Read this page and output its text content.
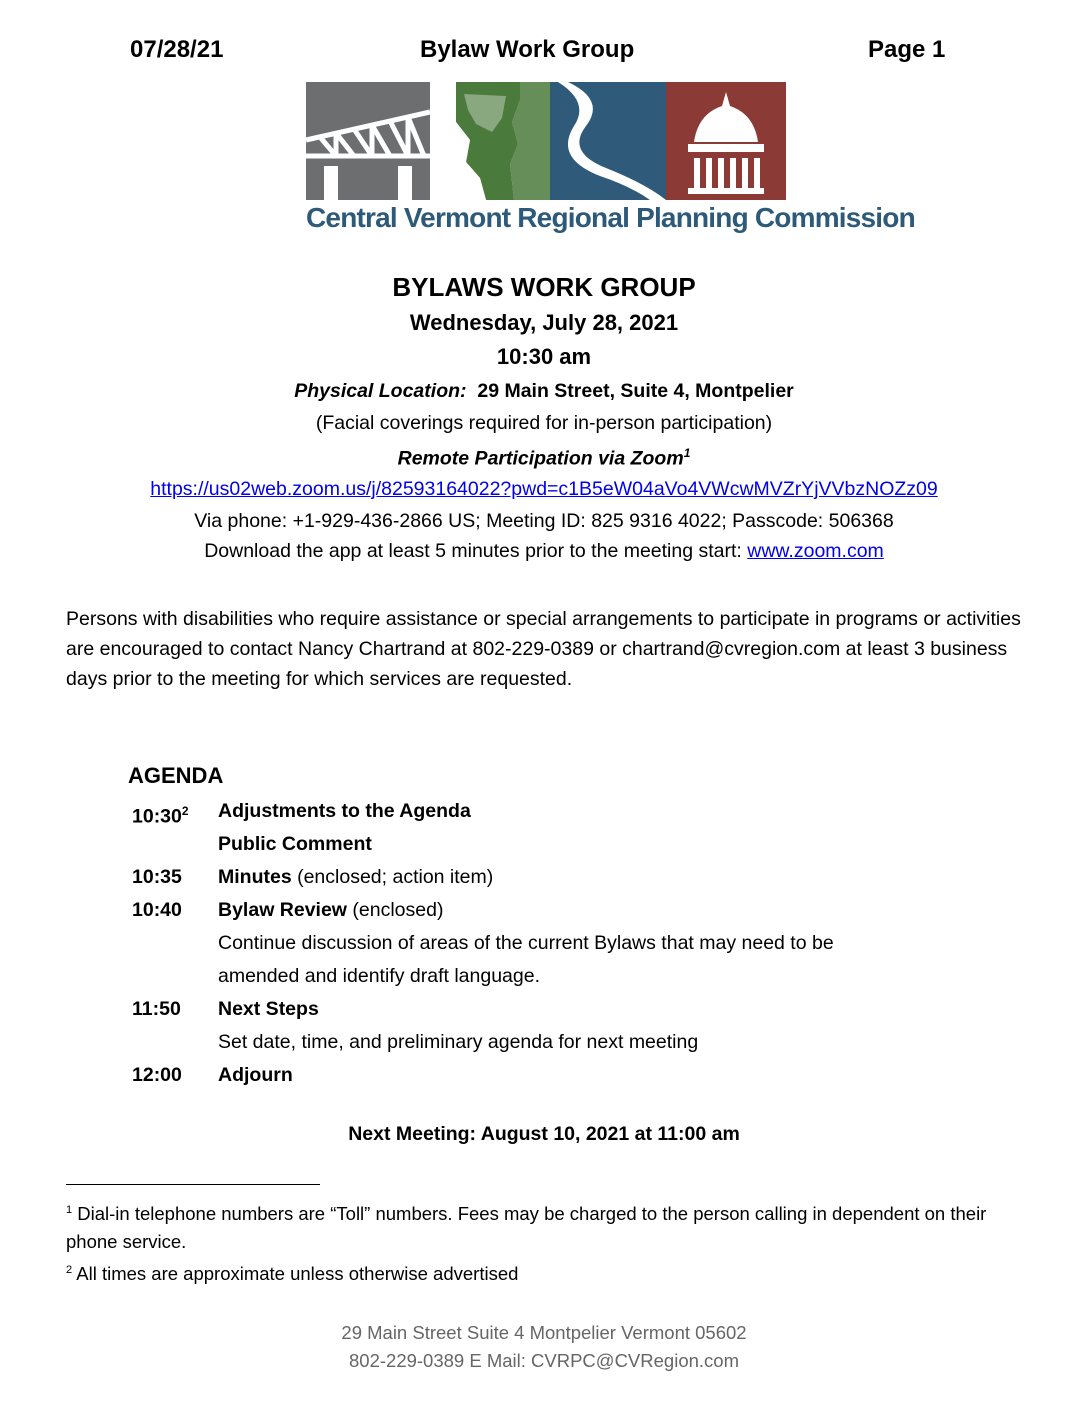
07/28/21	Bylaw Work Group	Page 1
Central Vermont Regional Planning Commission
BYLAWS WORK GROUP
Wednesday, July 28, 2021
10:30 am
Physical Location: 29 Main Street, Suite 4, Montpelier
(Facial coverings required for in-person participation)
Remote Participation via Zoom$^1$
https://us02web.zoom.us/j/82593164022?pwd=c1B5eW04aVo4VWcwMVZrYjVVbzNOZz09
Via phone: +1-929-436-2866 US; Meeting ID: 825 9316 4022; Passcode: 506368
Download the app at least 5 minutes prior to the meeting start: www.zoom.com
Persons with disabilities who require assistance or special arrangements to participate in programs or activities are encouraged to contact Nancy Chartrand at 802-229-0389 or chartrand@cvregion.com at least 3 business days prior to the meeting for which services are requested.
AGENDA
$10:30^2$	Adjustments to the Agenda
Public Comment
10:35	Minutes (enclosed; action item)
10:40	Bylaw Review (enclosed)
Continue discussion of areas of the current Bylaws that may need to be
amended and identify draft language.
11:50	Next Steps
Set date, time, and preliminary agenda for next meeting
12:00	Adjourn
Next Meeting: August 10, 2021 at 11:00 am
$^1$ Dial-in telephone numbers are “Toll” numbers. Fees may be charged to the person calling in dependent on their phone service.
$^2$ All times are approximate unless otherwise advertised
29 Main Street Suite 4 Montpelier Vermont 05602
802-229-0389 E Mail: CVRPC@CVRegion.com
